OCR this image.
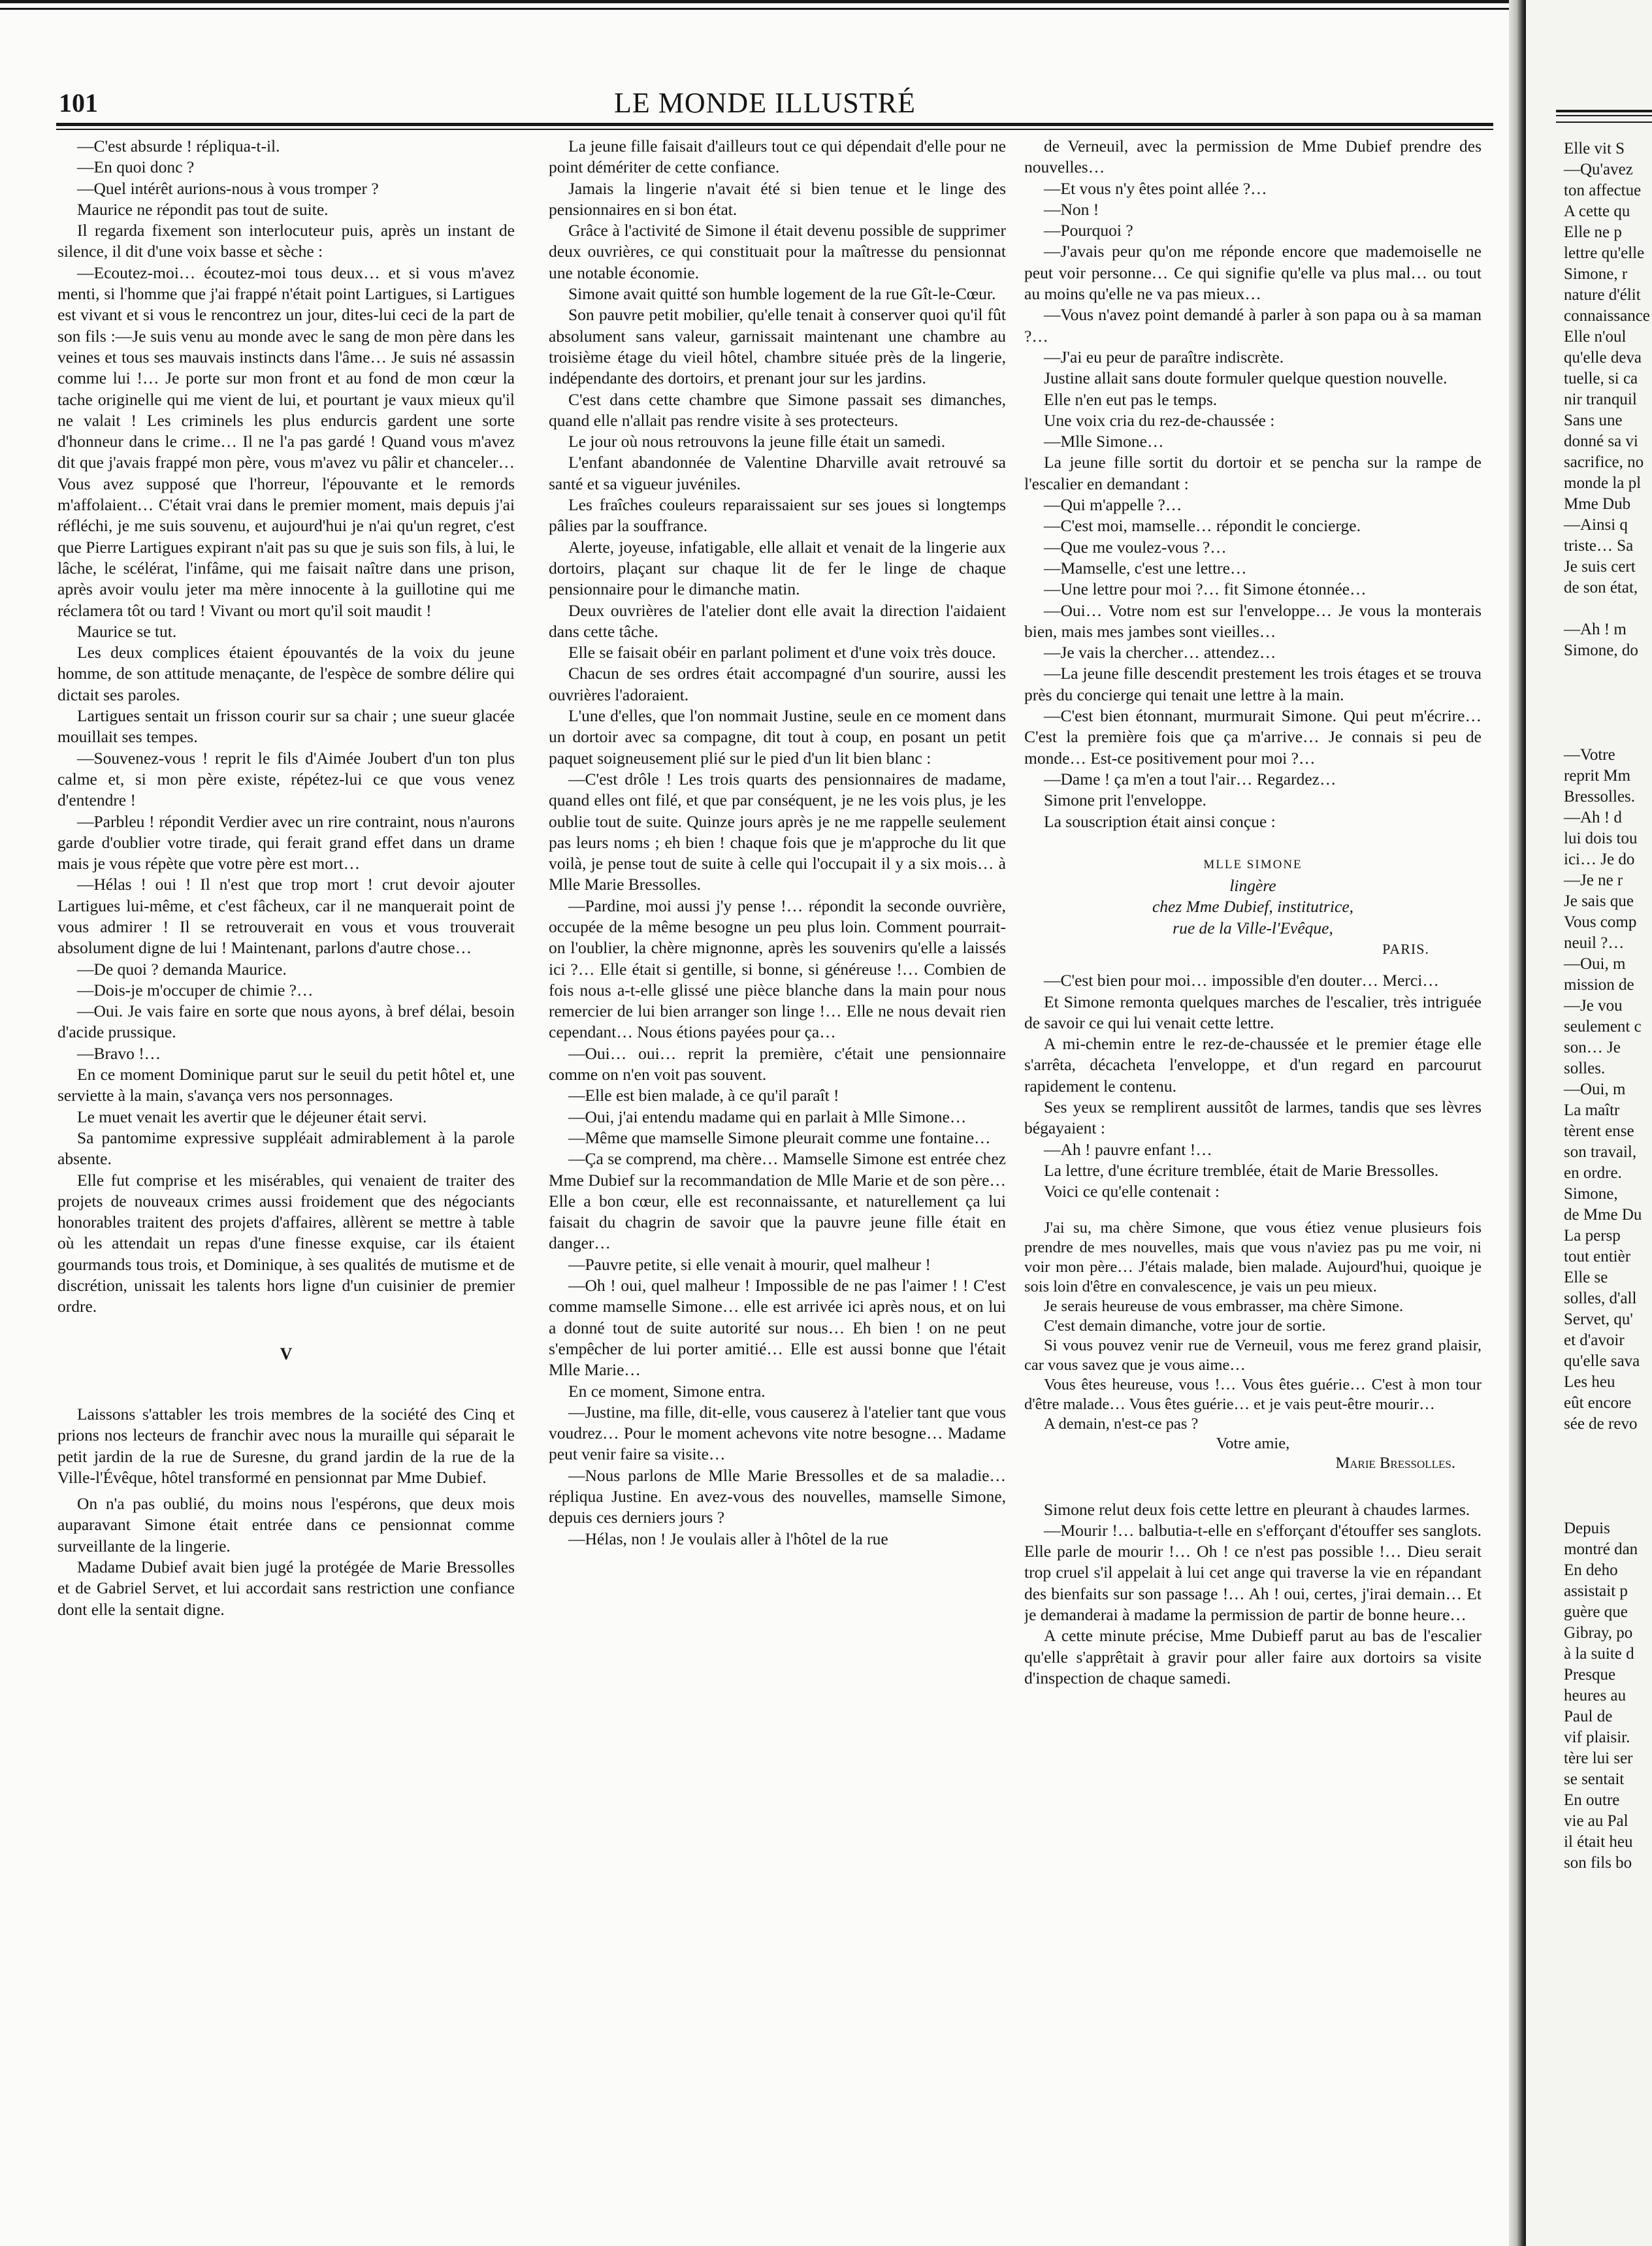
101	LE MONDE ILLUSTRÉ

—C'est absurde ! répliqua-t-il.

—En quoi donc ?

—Quel intérêt aurions-nous à vous tromper ?

Maurice ne répondit pas tout de suite.

Il regarda fixement son interlocuteur puis, après un instant de silence, il dit d'une voix basse et sèche :

—Ecoutez-moi… écoutez-moi tous deux… et si vous m'avez menti, si l'homme que j'ai frappé n'était point Lartigues, si Lartigues est vivant et si vous le rencontrez un jour, dites-lui ceci de la part de son fils :—Je suis venu au monde avec le sang de mon père dans les veines et tous ses mauvais instincts dans l'âme… Je suis né assassin comme lui !… Je porte sur mon front et au fond de mon cœur la tache originelle qui me vient de lui, et pourtant je vaux mieux qu'il ne valait ! Les criminels les plus endurcis gardent une sorte d'honneur dans le crime… Il ne l'a pas gardé ! Quand vous m'avez dit que j'avais frappé mon père, vous m'avez vu pâlir et chanceler… Vous avez supposé que l'horreur, l'épouvante et le remords m'affolaient… C'était vrai dans le premier moment, mais depuis j'ai réfléchi, je me suis souvenu, et aujourd'hui je n'ai qu'un regret, c'est que Pierre Lartigues expirant n'ait pas su que je suis son fils, à lui, le lâche, le scélérat, l'infâme, qui me faisait naître dans une prison, après avoir voulu jeter ma mère innocente à la guillotine qui me réclamera tôt ou tard ! Vivant ou mort qu'il soit maudit !

Maurice se tut.

Les deux complices étaient épouvantés de la voix du jeune homme, de son attitude menaçante, de l'espèce de sombre délire qui dictait ses paroles.

Lartigues sentait un frisson courir sur sa chair ; une sueur glacée mouillait ses tempes.

—Souvenez-vous ! reprit le fils d'Aimée Joubert d'un ton plus calme et, si mon père existe, répétez-lui ce que vous venez d'entendre !

—Parbleu ! répondit Verdier avec un rire contraint, nous n'aurons garde d'oublier votre tirade, qui ferait grand effet dans un drame mais je vous répète que votre père est mort…

—Hélas ! oui ! Il n'est que trop mort ! crut devoir ajouter Lartigues lui-même, et c'est fâcheux, car il ne manquerait point de vous admirer ! Il se retrouverait en vous et vous trouverait absolument digne de lui ! Maintenant, parlons d'autre chose…

—De quoi ? demanda Maurice.

—Dois-je m'occuper de chimie ?…

—Oui. Je vais faire en sorte que nous ayons, à bref délai, besoin d'acide prussique.

—Bravo !…

En ce moment Dominique parut sur le seuil du petit hôtel et, une serviette à la main, s'avança vers nos personnages.

Le muet venait les avertir que le déjeuner était servi.

Sa pantomime expressive suppléait admirablement à la parole absente.

Elle fut comprise et les misérables, qui venaient de traiter des projets de nouveaux crimes aussi froidement que des négociants honorables traitent des projets d'affaires, allèrent se mettre à table où les attendait un repas d'une finesse exquise, car ils étaient gourmands tous trois, et Dominique, à ses qualités de mutisme et de discrétion, unissait les talents hors ligne d'un cuisinier de premier ordre.

V

Laissons s'attabler les trois membres de la société des Cinq et prions nos lecteurs de franchir avec nous la muraille qui séparait le petit jardin de la rue de Suresne, du grand jardin de la rue de la Ville-l'Évêque, hôtel transformé en pensionnat par Mme Dubief.

On n'a pas oublié, du moins nous l'espérons, que deux mois auparavant Simone était entrée dans ce pensionnat comme surveillante de la lingerie.

Madame Dubief avait bien jugé la protégée de Marie Bressolles et de Gabriel Servet, et lui accordait sans restriction une confiance dont elle la sentait digne.

La jeune fille faisait d'ailleurs tout ce qui dépendait d'elle pour ne point démériter de cette confiance.

Jamais la lingerie n'avait été si bien tenue et le linge des pensionnaires en si bon état.

Grâce à l'activité de Simone il était devenu possible de supprimer deux ouvrières, ce qui constituait pour la maîtresse du pensionnat une notable économie.

Simone avait quitté son humble logement de la rue Gît-le-Cœur.

Son pauvre petit mobilier, qu'elle tenait à conserver quoi qu'il fût absolument sans valeur, garnissait maintenant une chambre au troisième étage du vieil hôtel, chambre située près de la lingerie, indépendante des dortoirs, et prenant jour sur les jardins.

C'est dans cette chambre que Simone passait ses dimanches, quand elle n'allait pas rendre visite à ses protecteurs.

Le jour où nous retrouvons la jeune fille était un samedi.

L'enfant abandonnée de Valentine Dharville avait retrouvé sa santé et sa vigueur juvéniles.

Les fraîches couleurs reparaissaient sur ses joues si longtemps pâlies par la souffrance.

Alerte, joyeuse, infatigable, elle allait et venait de la lingerie aux dortoirs, plaçant sur chaque lit de fer le linge de chaque pensionnaire pour le dimanche matin.

Deux ouvrières de l'atelier dont elle avait la direction l'aidaient dans cette tâche.

Elle se faisait obéir en parlant poliment et d'une voix très douce.

Chacun de ses ordres était accompagné d'un sourire, aussi les ouvrières l'adoraient.

L'une d'elles, que l'on nommait Justine, seule en ce moment dans un dortoir avec sa compagne, dit tout à coup, en posant un petit paquet soigneusement plié sur le pied d'un lit bien blanc :

—C'est drôle ! Les trois quarts des pensionnaires de madame, quand elles ont filé, et que par conséquent, je ne les vois plus, je les oublie tout de suite. Quinze jours après je ne me rappelle seulement pas leurs noms ; eh bien ! chaque fois que je m'approche du lit que voilà, je pense tout de suite à celle qui l'occupait il y a six mois… à Mlle Marie Bressolles.

—Pardine, moi aussi j'y pense !… répondit la seconde ouvrière, occupée de la même besogne un peu plus loin. Comment pourrait-on l'oublier, la chère mignonne, après les souvenirs qu'elle a laissés ici ?… Elle était si gentille, si bonne, si généreuse !… Combien de fois nous a-t-elle glissé une pièce blanche dans la main pour nous remercier de lui bien arranger son linge !… Elle ne nous devait rien cependant… Nous étions payées pour ça…

—Oui… oui… reprit la première, c'était une pensionnaire comme on n'en voit pas souvent.

—Elle est bien malade, à ce qu'il paraît !

—Oui, j'ai entendu madame qui en parlait à Mlle Simone…

—Même que mamselle Simone pleurait comme une fontaine…

—Ça se comprend, ma chère… Mamselle Simone est entrée chez Mme Dubief sur la recommandation de Mlle Marie et de son père… Elle a bon cœur, elle est reconnaissante, et naturellement ça lui faisait du chagrin de savoir que la pauvre jeune fille était en danger…

—Pauvre petite, si elle venait à mourir, quel malheur !

—Oh ! oui, quel malheur ! Impossible de ne pas l'aimer ! ! C'est comme mamselle Simone… elle est arrivée ici après nous, et on lui a donné tout de suite autorité sur nous… Eh bien ! on ne peut s'empêcher de lui porter amitié… Elle est aussi bonne que l'était Mlle Marie…

En ce moment, Simone entra.

—Justine, ma fille, dit-elle, vous causerez à l'atelier tant que vous voudrez… Pour le moment achevons vite notre besogne… Madame peut venir faire sa visite…

—Nous parlons de Mlle Marie Bressolles et de sa maladie… répliqua Justine. En avez-vous des nouvelles, mamselle Simone, depuis ces derniers jours ?

—Hélas, non ! Je voulais aller à l'hôtel de la rue

de Verneuil, avec la permission de Mme Dubief prendre des nouvelles…

—Et vous n'y êtes point allée ?…

—Non !

—Pourquoi ?

—J'avais peur qu'on me réponde encore que mademoiselle ne peut voir personne… Ce qui signifie qu'elle va plus mal… ou tout au moins qu'elle ne va pas mieux…

—Vous n'avez point demandé à parler à son papa ou à sa maman ?…

—J'ai eu peur de paraître indiscrète.

Justine allait sans doute formuler quelque question nouvelle.

Elle n'en eut pas le temps.

Une voix cria du rez-de-chaussée :

—Mlle Simone…

La jeune fille sortit du dortoir et se pencha sur la rampe de l'escalier en demandant :

—Qui m'appelle ?…

—C'est moi, mamselle… répondit le concierge.

—Que me voulez-vous ?…

—Mamselle, c'est une lettre…

—Une lettre pour moi ?… fit Simone étonnée…

—Oui… Votre nom est sur l'enveloppe… Je vous la monterais bien, mais mes jambes sont vieilles…

—Je vais la chercher… attendez…

—La jeune fille descendit prestement les trois étages et se trouva près du concierge qui tenait une lettre à la main.

—C'est bien étonnant, murmurait Simone. Qui peut m'écrire… C'est la première fois que ça m'arrive… Je connais si peu de monde… Est-ce positivement pour moi ?…

—Dame ! ça m'en a tout l'air… Regardez…

Simone prit l'enveloppe.

La souscription était ainsi conçue :

MLLE SIMONE
lingère
chez Mme Dubief, institutrice,
rue de la Ville-l'Evêque,
PARIS.

—C'est bien pour moi… impossible d'en douter… Merci…

Et Simone remonta quelques marches de l'escalier, très intriguée de savoir ce qui lui venait cette lettre.

A mi-chemin entre le rez-de-chaussée et le premier étage elle s'arrêta, décacheta l'enveloppe, et d'un regard en parcourut rapidement le contenu.

Ses yeux se remplirent aussitôt de larmes, tandis que ses lèvres bégayaient :

—Ah ! pauvre enfant !…

La lettre, d'une écriture tremblée, était de Marie Bressolles.

Voici ce qu'elle contenait :

J'ai su, ma chère Simone, que vous étiez venue plusieurs fois prendre de mes nouvelles, mais que vous n'aviez pas pu me voir, ni voir mon père… J'étais malade, bien malade. Aujourd'hui, quoique je sois loin d'être en convalescence, je vais un peu mieux.

Je serais heureuse de vous embrasser, ma chère Simone.

C'est demain dimanche, votre jour de sortie.

Si vous pouvez venir rue de Verneuil, vous me ferez grand plaisir, car vous savez que je vous aime…

Vous êtes heureuse, vous !… Vous êtes guérie… C'est à mon tour d'être malade… Vous êtes guérie… et je vais peut-être mourir…

A demain, n'est-ce pas ?

Votre amie,

Marie Bressolles.

Simone relut deux fois cette lettre en pleurant à chaudes larmes.

—Mourir !… balbutia-t-elle en s'efforçant d'étouffer ses sanglots. Elle parle de mourir !… Oh ! ce n'est pas possible !… Dieu serait trop cruel s'il appelait à lui cet ange qui traverse la vie en répandant des bienfaits sur son passage !… Ah ! oui, certes, j'irai demain… Et je demanderai à madame la permission de partir de bonne heure…

A cette minute précise, Mme Dubieff parut au bas de l'escalier qu'elle s'apprêtait à gravir pour aller faire aux dortoirs sa visite d'inspection de chaque samedi.

Elle vit S
—Qu'avez
ton affectue
A cette qu
Elle ne p
lettre qu'elle
Simone, r
nature d'élit
connaissance
Elle n'oul
qu'elle deva
tuelle, si ca
nir tranquil
Sans une
donné sa vi
sacrifice, no
monde la pl
Mme Dub
—Ainsi q
triste… Sa
Je suis cert
de son état,
—Ah ! m
Simone, do
—Votre
reprit Mm
Bressolles.
—Ah ! d
lui dois tou
ici… Je do
—Je ne r
Je sais que
Vous comp
neuil ?…
—Oui, m
mission de
—Je vou
seulement c
son… Je
solles.
—Oui, m
La maîtr
tèrent ense
son travail,
en ordre.
Simone,
de Mme Du
La persp
tout entièr
Elle se
solles, d'all
Servet, qu'
et d'avoir
qu'elle sava
Les heu
eût encore
sée de revo
Depuis
montré dan
En deho
assistait p
guère que
Gibray, po
à la suite d
Presque
heures au
Paul de
vif plaisir.
tère lui ser
se sentait
En outre
vie au Pal
il était heu
son fils bo
